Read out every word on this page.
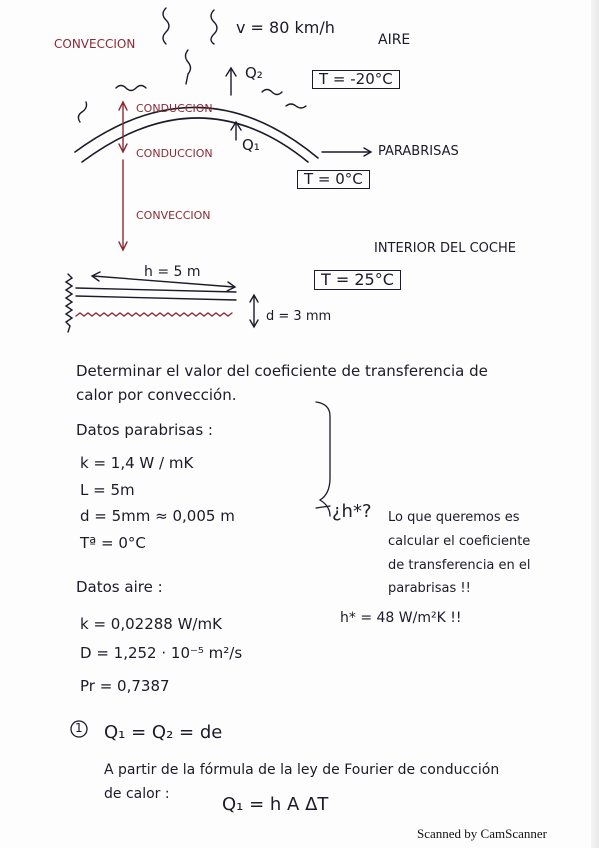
CONVECCION
v = 80 km/h
AIRE
Q₂	T = -20°C
CONDUCCION
CONDUCCION Q₁	PARABRISAS
T = 0°C
CONVECCION
INTERIOR DEL COCHE
h = 5 m	T = 25°C
d = 3 mm
Determinar el valor del coeficiente de transferencia de
calor por convección.
Datos parabrisas :
k = 1,4 W / mK
L = 5m
d = 5mm ≈ 0,005 m
Tª = 0°C
¿h*? Lo que queremos es
calcular el coeficiente
de transferencia en el
parabrisas !!
h* = 48 W/m²K !!
Datos aire :
k = 0,02288 W/mK
D = 1,252 · 10⁻⁵ m²/s
Pr = 0,7387
1 Q₁ = Q₂ = de
A partir de la fórmula de la ley de Fourier de conducción
de calor :	Q₁ = h A ΔT
Scanned by CamScanner
